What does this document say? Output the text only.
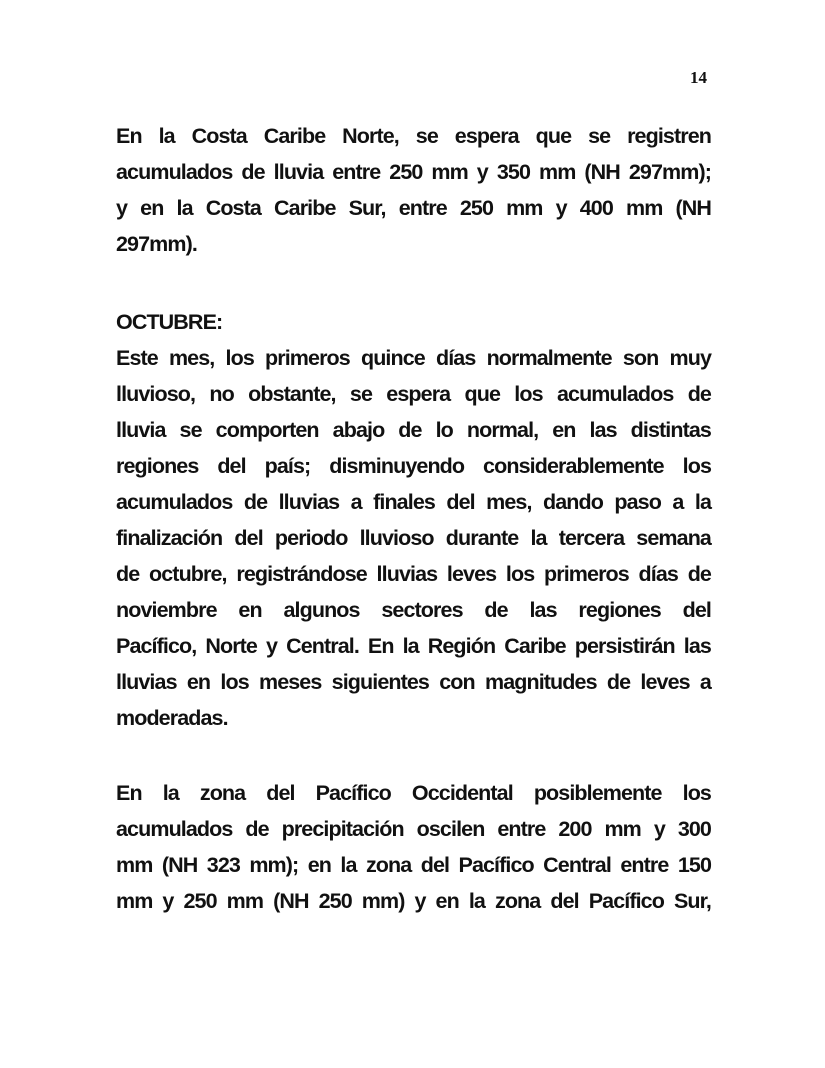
14
En la Costa Caribe Norte, se espera que se registren
acumulados de lluvia entre 250 mm y 350 mm (NH 297mm);
y en la Costa Caribe Sur, entre 250 mm y 400 mm (NH
297mm).
OCTUBRE:
Este mes, los primeros quince días normalmente son muy
lluvioso, no obstante, se espera que los acumulados de
lluvia se comporten abajo de lo normal, en las distintas
regiones del país; disminuyendo considerablemente los
acumulados de lluvias a finales del mes, dando paso a la
finalización del periodo lluvioso durante la tercera semana
de octubre, registrándose lluvias leves los primeros días de
noviembre en algunos sectores de las regiones del
Pacífico, Norte y Central. En la Región Caribe persistirán las
lluvias en los meses siguientes con magnitudes de leves a
moderadas.
En la zona del Pacífico Occidental posiblemente los
acumulados de precipitación oscilen entre 200 mm y 300
mm (NH 323 mm); en la zona del Pacífico Central entre 150
mm y 250 mm (NH 250 mm) y en la zona del Pacífico Sur,
